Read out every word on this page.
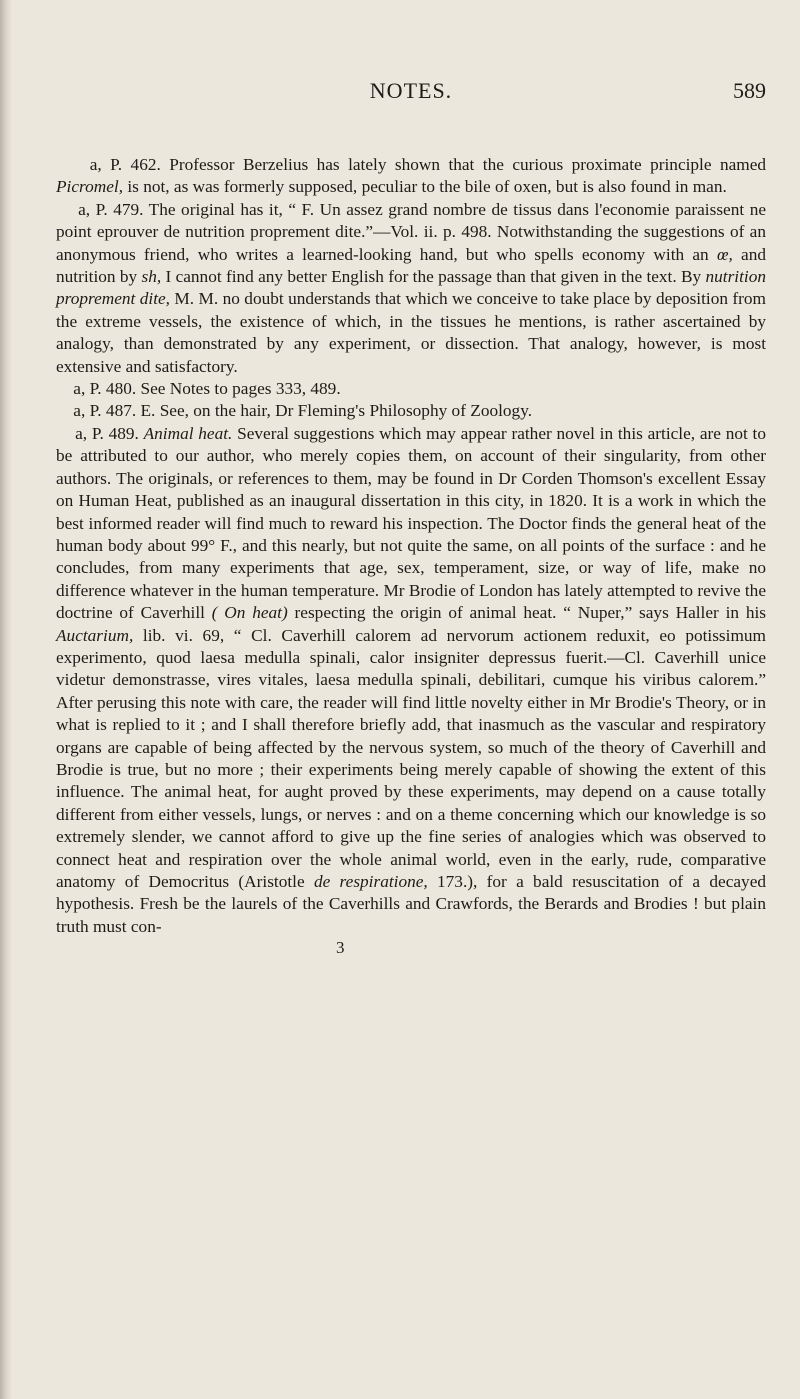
NOTES.	589

a, P. 462. Professor Berzelius has lately shown that the curious proximate principle named Picromel, is not, as was formerly supposed, peculiar to the bile of oxen, but is also found in man.

a, P. 479. The original has it, “ F. Un assez grand nombre de tissus dans l'economie paraissent ne point eprouver de nutrition proprement dite.”—Vol. ii. p. 498. Notwithstanding the suggestions of an anonymous friend, who writes a learned-looking hand, but who spells economy with an œ, and nutrition by sh, I cannot find any better English for the passage than that given in the text. By nutrition proprement dite, M. M. no doubt understands that which we conceive to take place by deposition from the extreme vessels, the existence of which, in the tissues he mentions, is rather ascertained by analogy, than demonstrated by any experiment, or dissection. That analogy, however, is most extensive and satisfactory.

a, P. 480. See Notes to pages 333, 489.

a, P. 487. E. See, on the hair, Dr Fleming's Philosophy of Zoology.

a, P. 489. Animal heat. Several suggestions which may appear rather novel in this article, are not to be attributed to our author, who merely copies them, on account of their singularity, from other authors. The originals, or references to them, may be found in Dr Corden Thomson's excellent Essay on Human Heat, published as an inaugural dissertation in this city, in 1820. It is a work in which the best informed reader will find much to reward his inspection. The Doctor finds the general heat of the human body about 99° F., and this nearly, but not quite the same, on all points of the surface : and he concludes, from many experiments that age, sex, temperament, size, or way of life, make no difference whatever in the human temperature. Mr Brodie of London has lately attempted to revive the doctrine of Caverhill ( On heat) respecting the origin of animal heat. “ Nuper,” says Haller in his Auctarium, lib. vi. 69, “ Cl. Caverhill calorem ad nervorum actionem reduxit, eo potissimum experimento, quod laesa medulla spinali, calor insigniter depressus fuerit.—Cl. Caverhill unice videtur demonstrasse, vires vitales, laesa medulla spinali, debilitari, cumque his viribus calorem.” After perusing this note with care, the reader will find little novelty either in Mr Brodie's Theory, or in what is replied to it ; and I shall therefore briefly add, that inasmuch as the vascular and respiratory organs are capable of being affected by the nervous system, so much of the theory of Caverhill and Brodie is true, but no more ; their experiments being merely capable of showing the extent of this influence. The animal heat, for aught proved by these experiments, may depend on a cause totally different from either vessels, lungs, or nerves : and on a theme concerning which our knowledge is so extremely slender, we cannot afford to give up the fine series of analogies which was observed to connect heat and respiration over the whole animal world, even in the early, rude, comparative anatomy of Democritus (Aristotle de respiratione, 173.), for a bald resuscitation of a decayed hypothesis. Fresh be the laurels of the Caverhills and Crawfords, the Berards and Brodies ! but plain truth must con-

3
